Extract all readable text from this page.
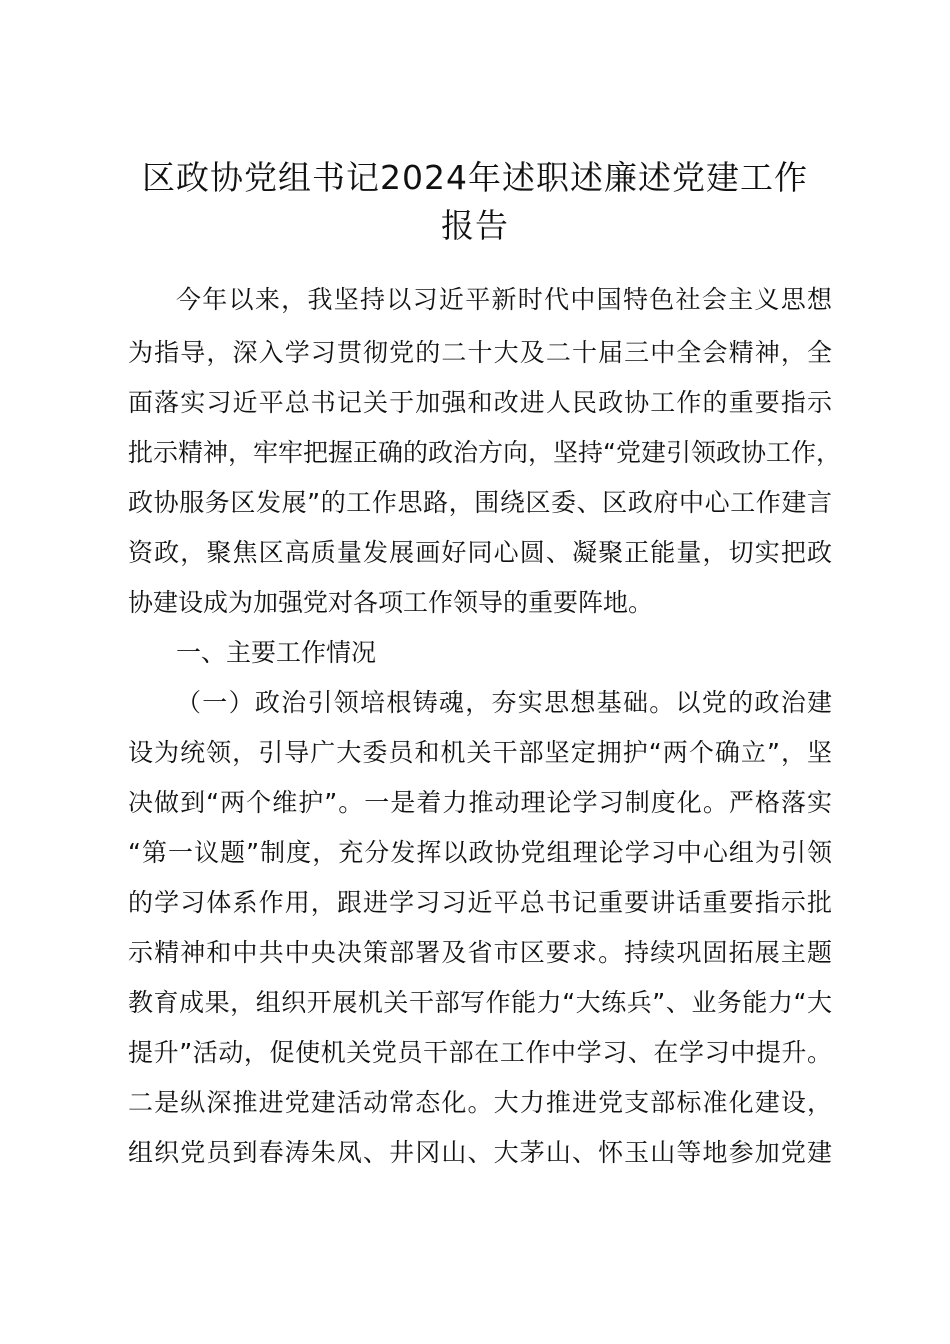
区政协党组书记2024年述职述廉述党建工作
报告

今年以来，我坚持以习近平新时代中国特色社会主义思想

为指导，深入学习贯彻党的二十大及二十届三中全会精神，全

面落实习近平总书记关于加强和改进人民政协工作的重要指示

批示精神，牢牢把握正确的政治方向，坚持“党建引领政协工作，

政协服务区发展”的工作思路，围绕区委、区政府中心工作建言

资政，聚焦区高质量发展画好同心圆、凝聚正能量，切实把政

协建设成为加强党对各项工作领导的重要阵地。

一、主要工作情况

（一）政治引领培根铸魂，夯实思想基础。以党的政治建

设为统领，引导广大委员和机关干部坚定拥护“两个确立”，坚

决做到“两个维护”。一是着力推动理论学习制度化。严格落实

“第一议题”制度，充分发挥以政协党组理论学习中心组为引领

的学习体系作用，跟进学习习近平总书记重要讲话重要指示批

示精神和中共中央决策部署及省市区要求。持续巩固拓展主题

教育成果，组织开展机关干部写作能力“大练兵”、业务能力“大

提升”活动，促使机关党员干部在工作中学习、在学习中提升。

二是纵深推进党建活动常态化。大力推进党支部标准化建设，

组织党员到春涛朱凤、井冈山、大茅山、怀玉山等地参加党建
